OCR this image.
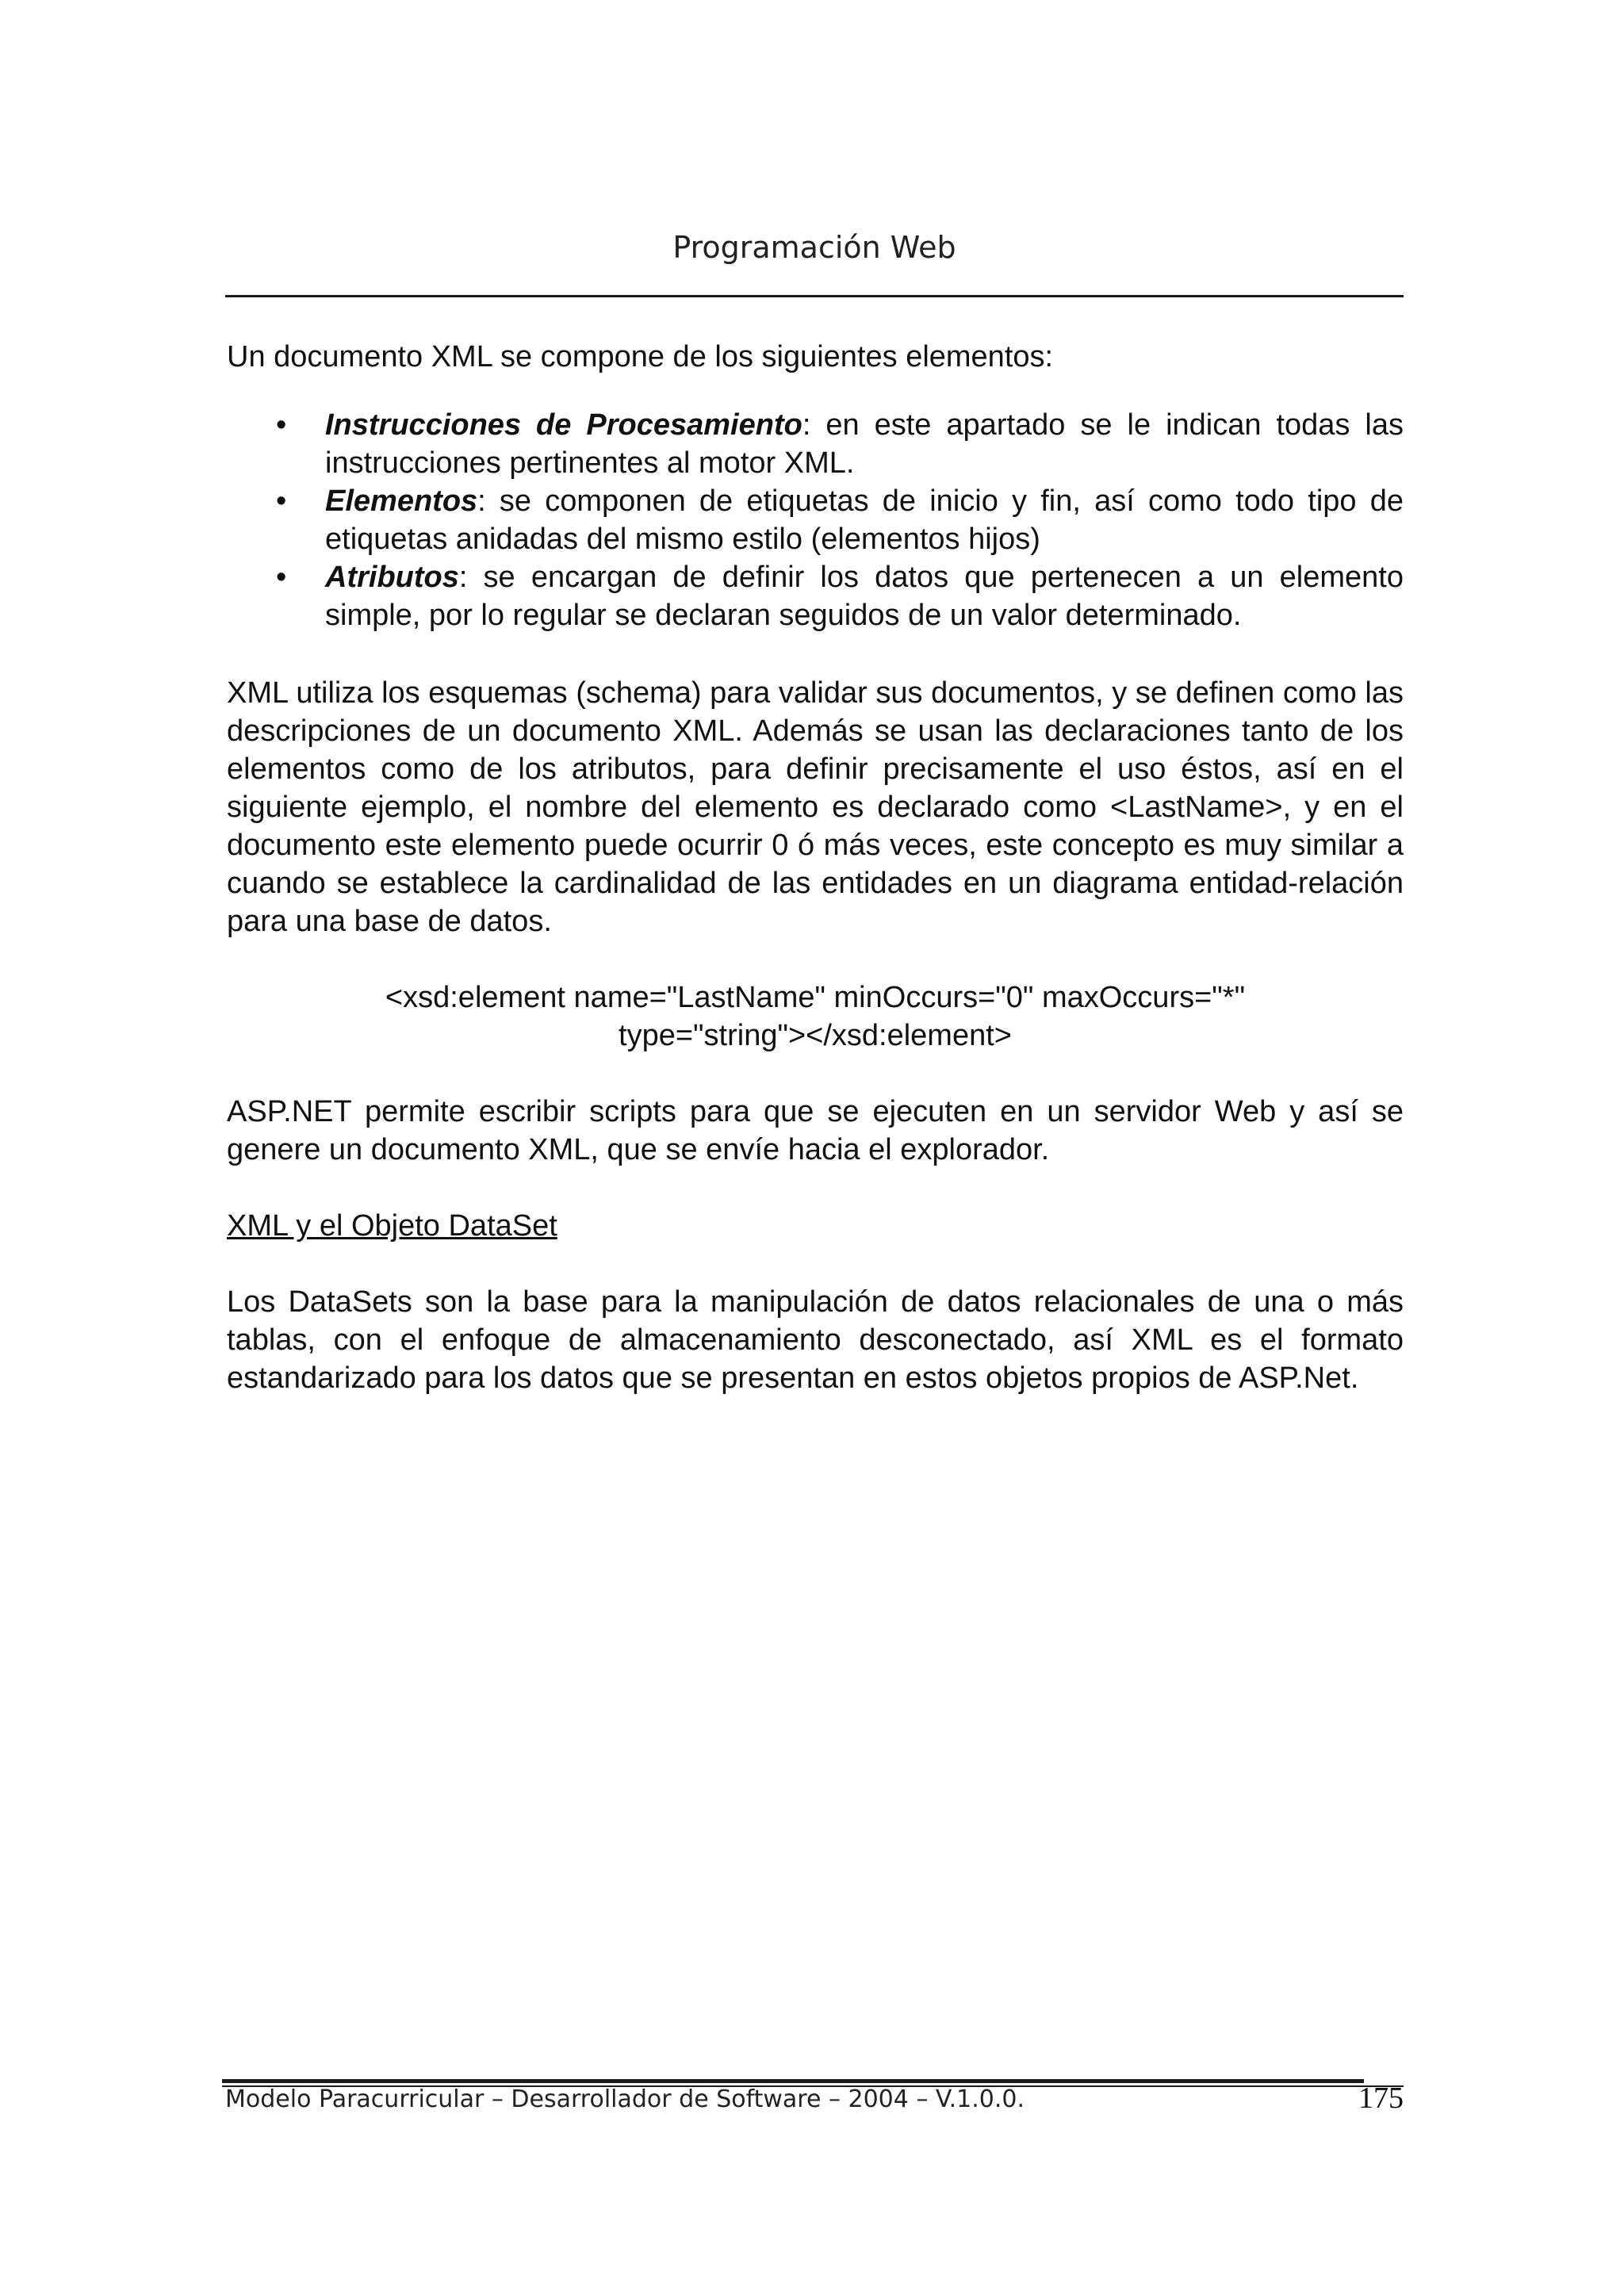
Programación Web

Un documento XML se compone de los siguientes elementos:

• Instrucciones de Procesamiento: en este apartado se le indican todas las instrucciones pertinentes al motor XML.
• Elementos: se componen de etiquetas de inicio y fin, así como todo tipo de etiquetas anidadas del mismo estilo (elementos hijos)
• Atributos: se encargan de definir los datos que pertenecen a un elemento simple, por lo regular se declaran seguidos de un valor determinado.

XML utiliza los esquemas (schema) para validar sus documentos, y se definen como las descripciones de un documento XML. Además se usan las declaraciones tanto de los elementos como de los atributos, para definir precisamente el uso éstos, así en el siguiente ejemplo, el nombre del elemento es declarado como <LastName>, y en el documento este elemento puede ocurrir 0 ó más veces, este concepto es muy similar a cuando se establece la cardinalidad de las entidades en un diagrama entidad-relación para una base de datos.

<xsd:element name="LastName" minOccurs="0" maxOccurs="*"
type="string"></xsd:element>

ASP.NET permite escribir scripts para que se ejecuten en un servidor Web y así se genere un documento XML, que se envíe hacia el explorador.

XML y el Objeto DataSet

Los DataSets son la base para la manipulación de datos relacionales de una o más tablas, con el enfoque de almacenamiento desconectado, así XML es el formato estandarizado para los datos que se presentan en estos objetos propios de ASP.Net.

Modelo Paracurricular – Desarrollador de Software – 2004 – V.1.0.0.	175
